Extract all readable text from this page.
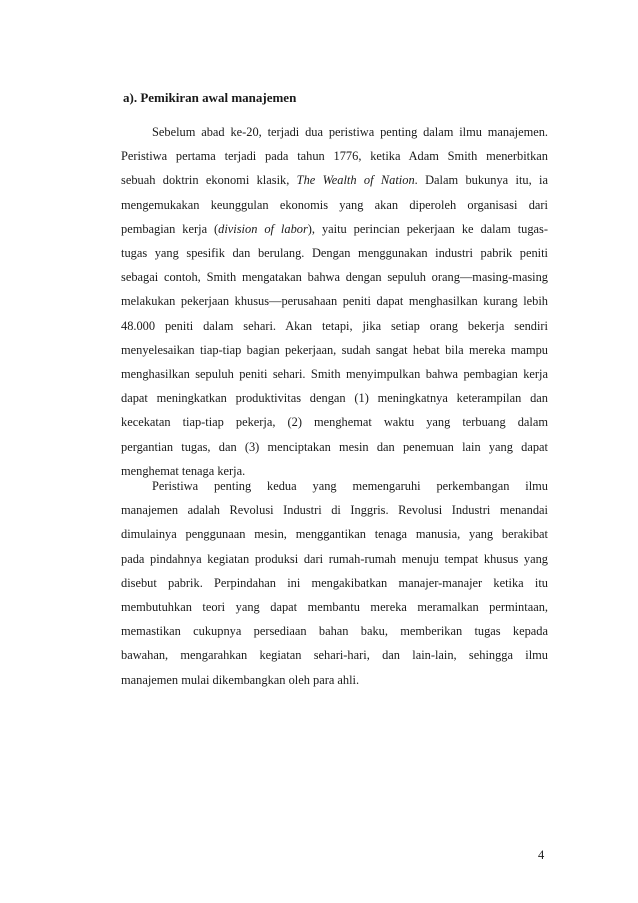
a). Pemikiran awal manajemen
Sebelum abad ke-20, terjadi dua peristiwa penting dalam ilmu manajemen.
Peristiwa pertama terjadi pada tahun 1776, ketika Adam Smith menerbitkan
sebuah doktrin ekonomi klasik, The Wealth of Nation. Dalam bukunya itu, ia
mengemukakan keunggulan ekonomis yang akan diperoleh organisasi dari
pembagian kerja (division of labor), yaitu perincian pekerjaan ke dalam tugas-
tugas yang spesifik dan berulang. Dengan menggunakan industri pabrik peniti
sebagai contoh, Smith mengatakan bahwa dengan sepuluh orang—masing-masing
melakukan pekerjaan khusus—perusahaan peniti dapat menghasilkan kurang lebih
48.000 peniti dalam sehari. Akan tetapi, jika setiap orang bekerja sendiri
menyelesaikan tiap-tiap bagian pekerjaan, sudah sangat hebat bila mereka mampu
menghasilkan sepuluh peniti sehari. Smith menyimpulkan bahwa pembagian kerja
dapat meningkatkan produktivitas dengan (1) meningkatnya keterampilan dan
kecekatan tiap-tiap pekerja, (2) menghemat waktu yang terbuang dalam
pergantian tugas, dan (3) menciptakan mesin dan penemuan lain yang dapat
menghemat tenaga kerja.
Peristiwa penting kedua yang memengaruhi perkembangan ilmu
manajemen adalah Revolusi Industri di Inggris. Revolusi Industri menandai
dimulainya penggunaan mesin, menggantikan tenaga manusia, yang berakibat
pada pindahnya kegiatan produksi dari rumah-rumah menuju tempat khusus yang
disebut pabrik. Perpindahan ini mengakibatkan manajer-manajer ketika itu
membutuhkan teori yang dapat membantu mereka meramalkan permintaan,
memastikan cukupnya persediaan bahan baku, memberikan tugas kepada
bawahan, mengarahkan kegiatan sehari-hari, dan lain-lain, sehingga ilmu
manajemen mulai dikembangkan oleh para ahli.

4
